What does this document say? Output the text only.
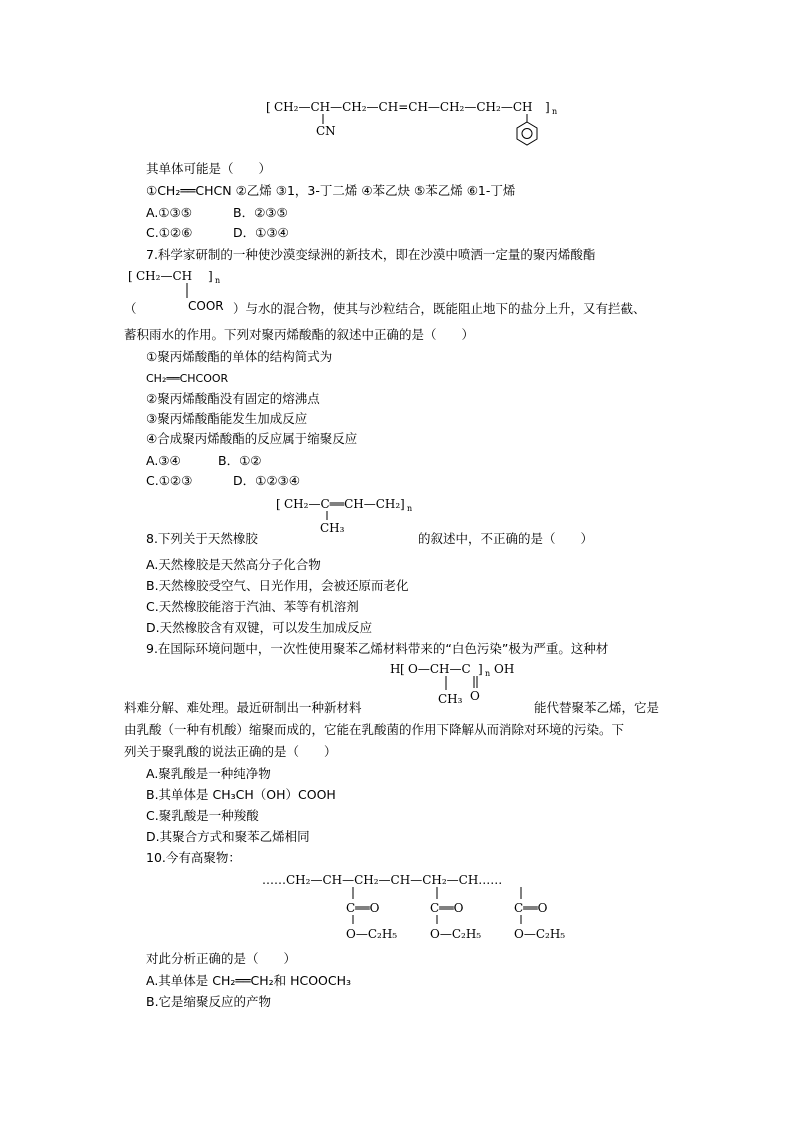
[ CH₂—CH—CH₂—CH=CH—CH₂—CH₂—CH ] n
CN
其单体可能是（　　）
①CH₂══CHCN ②乙烯 ③1，3-丁二烯 ④苯乙炔 ⑤苯乙烯 ⑥1-丁烯
A.①③⑤	B．②③⑤
C.①②⑥	D．①③④
7.科学家研制的一种使沙漠变绿洲的新技术，即在沙漠中喷洒一定量的聚丙烯酸酯
[ CH₂—CH ] n
COOR
（	）与水的混合物，使其与沙粒结合，既能阻止地下的盐分上升，又有拦截、
蓄积雨水的作用。下列对聚丙烯酸酯的叙述中正确的是（　　）
①聚丙烯酸酯的单体的结构简式为
CH₂══CHCOOR
②聚丙烯酸酯没有固定的熔沸点
③聚丙烯酸酯能发生加成反应
④合成聚丙烯酸酯的反应属于缩聚反应
A.③④	B．①②
C.①②③	D．①②③④
[ CH₂—C══CH—CH₂ ] n
CH₃
8.下列关于天然橡胶	的叙述中，不正确的是（　　）
A.天然橡胶是天然高分子化合物
B.天然橡胶受空气、日光作用，会被还原而老化
C.天然橡胶能溶于汽油、苯等有机溶剂
D.天然橡胶含有双键，可以发生加成反应
9.在国际环境问题中，一次性使用聚苯乙烯材料带来的“白色污染”极为严重。这种材
H [ O—CH—C ] n OH
CH₃ O
料难分解、难处理。最近研制出一种新材料	能代替聚苯乙烯，它是
由乳酸（一种有机酸）缩聚而成的，它能在乳酸菌的作用下降解从而消除对环境的污染。下
列关于聚乳酸的说法正确的是（　　）
A.聚乳酸是一种纯净物
B.其单体是 CH₃CH（OH）COOH
C.聚乳酸是一种羧酸
D.其聚合方式和聚苯乙烯相同
10.今有高聚物：
……CH₂—CH—CH₂—CH—CH₂—CH……
C══O	C══O	C══O
O—C₂H₅	O—C₂H₅	O—C₂H₅
对此分析正确的是（　　）
A.其单体是 CH₂══CH₂和 HCOOCH₃
B.它是缩聚反应的产物
